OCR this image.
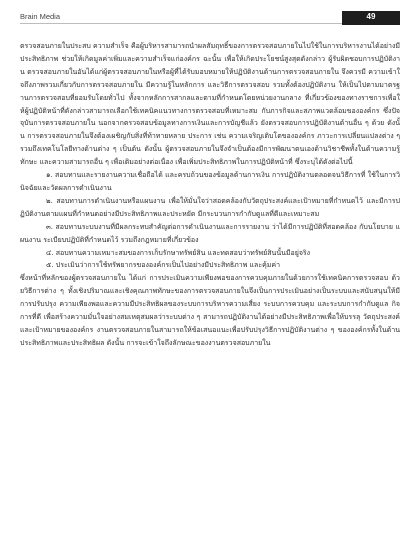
Brain Media	49

ตรวจสอบภายในประสบ ความสำเร็จ คือผู้บริหารสามารถนำผลสัมฤทธิ์ของการตรวจสอบภายในไปใช้ในการบริหารงานได้อย่างมีประสิทธิภาพ ช่วยให้เกิดมูลค่าเพิ่มและความสำเร็จแก่องค์กร ฉะนั้น เพื่อให้เกิดประโยชน์สูงสุดดังกล่าว ผู้รับผิดชอบการปฏิบัติงาน ตรวจสอบภายในอันได้แก่ผู้ตรวจสอบภายในหรือผู้ที่ได้รับมอบหมายให้ปฏิบัติงานด้านการตรวจสอบภายใน จึงควรมี ความเข้าใจถึงภาพรวมเกี่ยวกับการตรวจสอบภายใน มีความรู้ในหลักการ และวิธีการตรวจสอบ รวมทั้งต้องปฏิบัติงาน ให้เป็นไปตามมาตรฐานการตรวจสอบที่ยอมรับโดยทั่วไป ทั้งจากหลักการสากลและตามที่กำหนดโดยหน่วยงานกลาง ที่เกี่ยวข้องของทางราชการเพื่อให้ผู้ปฏิบัติหน้าที่ดังกล่าวสามารถเลือกใช้เทคนิคแนวทางการตรวจสอบที่เหมาะสม กับภารกิจและสภาพแวดล้อมขององค์กร ซึ่งปัจจุบันการตรวจสอบภายใน นอกจากตรวจสอบข้อมูลทางการเงินและการบัญชีแล้ว ยังตรวจสอบการปฏิบัติงานด้านอื่น ๆ ด้วย ดังนั้น การตรวจสอบภายในจึงต้องเผชิญกับสิ่งที่ท้าทายหลาย ประการ เช่น ความเจริญเติบโตขององค์กร ภาวะการเปลี่ยนแปลงต่าง ๆ รวมถึงเทคโนโลยีทางด้านต่าง ๆ เป็นต้น ดังนั้น ผู้ตรวจสอบภายในจึงจำเป็นต้องมีการพัฒนาตนเองด้านวิชาชีพทั้งในด้านความรู้ ทักษะ และความสามารถอื่น ๆ เพื่อเติมอย่างต่อเนื่อง เพื่อเพิ่มประสิทธิภาพในการปฏิบัติหน้าที่ ซึ่งระบุได้ดังต่อไปนี้

๑. สอบทานและรายงานความเชื่อถือได้ และครบถ้วนของข้อมูลด้านการเงิน การปฏิบัติงานตลอดจนวิธีการที่ ใช้ในการวินิจฉัยและวัดผลการดำเนินงาน

๒. สอบทานการดำเนินงานหรือแผนงาน เพื่อให้มั่นใจว่าสอดคล้องกับวัตถุประสงค์และเป้าหมายที่กำหนดไว้ และมีการปฏิบัติงานตามแผนที่กำหนดอย่างมีประสิทธิภาพและประหยัด มีกระบวนการกำกับดูแลที่ดีและเหมาะสม

๓. สอบทานระบบงานที่มีผลกระทบสำคัญต่อการดำเนินงานและการรายงาน ว่าได้มีการปฏิบัติที่สอดคล้อง กับนโยบาย แผนงาน ระเบียบปฏิบัติที่กำหนดไว้ รวมถึงกฎหมายที่เกี่ยวข้อง

๔. สอบทานความเหมาะสมของการเก็บรักษาทรัพย์สิน และทดสอบว่าทรัพย์สินนั้นมีอยู่จริง

๕. ประเมินว่าการใช้ทรัพยากรขององค์กรเป็นไปอย่างมีประสิทธิภาพ และคุ้มค่า

ซึ่งหน้าที่หลักของผู้ตรวจสอบภายใน ได้แก่ การประเมินความเพียงพอของการควบคุมภายในด้วยการใช้เทคนิคการตรวจสอบ ด้วยวิธีการต่าง ๆ ทั้งเชิงปริมาณและเชิงคุณภาพทักษะของการตรวจสอบภายในจึงเป็นการประเมินอย่างเป็นระบบและสนับสนุนให้มีการปรับปรุง ความเพียงพอและความมีประสิทธิผลของระบบการบริหารความเสี่ยง ระบบการควบคุม และระบบการกำกับดูแล กิจการที่ดี เพื่อสร้างความมั่นใจอย่างสมเหตุสมผลว่าระบบต่าง ๆ สามารถปฏิบัติงานได้อย่างมีประสิทธิภาพเพื่อให้บรรลุ วัตถุประสงค์และเป้าหมายขององค์กร งานตรวจสอบภายในสามารถให้ข้อเสนอแนะเพื่อปรับปรุงวิธีการปฏิบัติงานต่าง ๆ ขององค์กรทั้งในด้านประสิทธิภาพและประสิทธิผล ดังนั้น การจะเข้าใจถึงลักษณะของงานตรวจสอบภายใน
